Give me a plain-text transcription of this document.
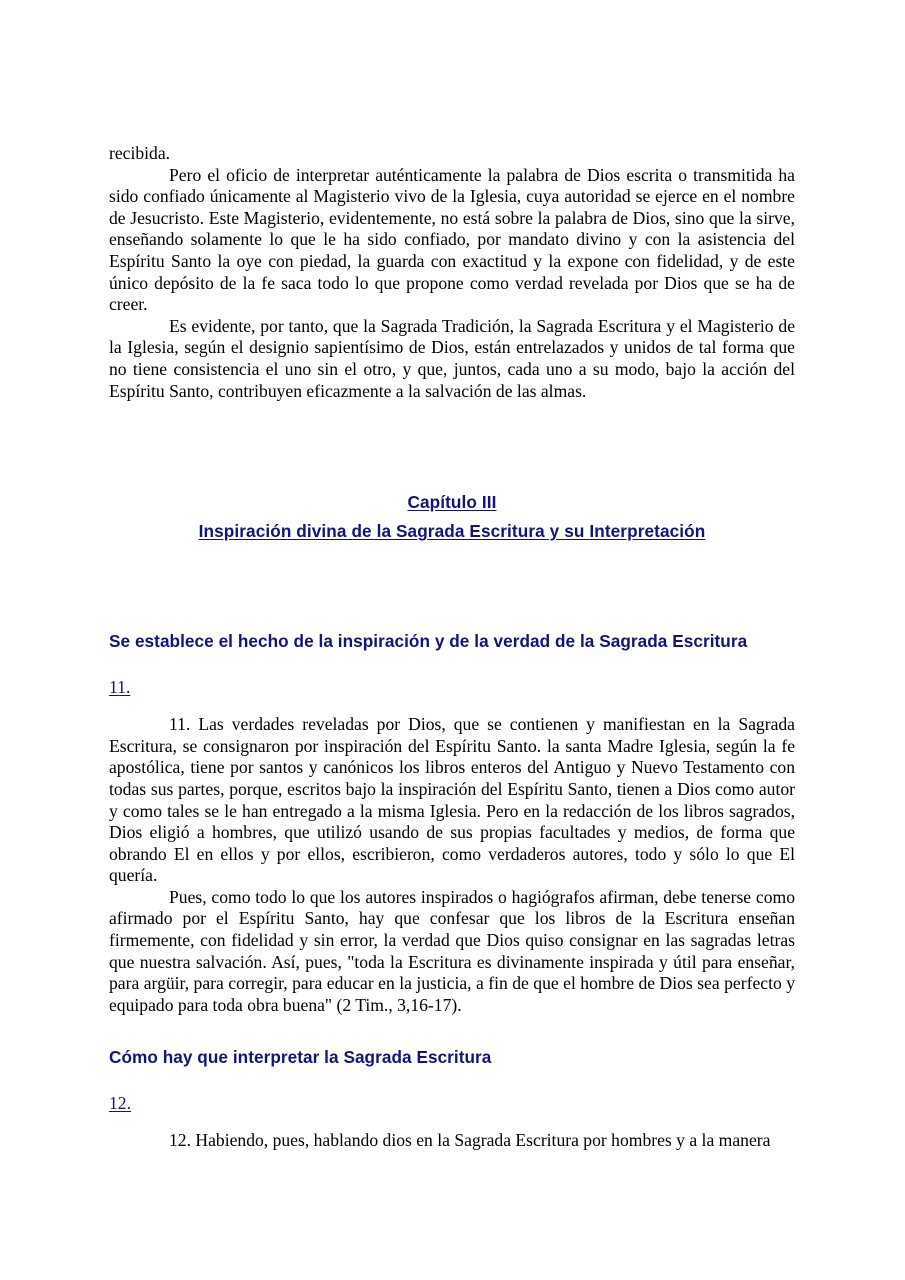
recibida.

Pero el oficio de interpretar auténticamente la palabra de Dios escrita o transmitida ha sido confiado únicamente al Magisterio vivo de la Iglesia, cuya autoridad se ejerce en el nombre de Jesucristo. Este Magisterio, evidentemente, no está sobre la palabra de Dios, sino que la sirve, enseñando solamente lo que le ha sido confiado, por mandato divino y con la asistencia del Espíritu Santo la oye con piedad, la guarda con exactitud y la expone con fidelidad, y de este único depósito de la fe saca todo lo que propone como verdad revelada por Dios que se ha de creer.

Es evidente, por tanto, que la Sagrada Tradición, la Sagrada Escritura y el Magisterio de la Iglesia, según el designio sapientísimo de Dios, están entrelazados y unidos de tal forma que no tiene consistencia el uno sin el otro, y que, juntos, cada uno a su modo, bajo la acción del Espíritu Santo, contribuyen eficazmente a la salvación de las almas.

Capítulo III
Inspiración divina de la Sagrada Escritura y su Interpretación
Se establece el hecho de la inspiración y de la verdad de la Sagrada Escritura
11.

11. Las verdades reveladas por Dios, que se contienen y manifiestan en la Sagrada Escritura, se consignaron por inspiración del Espíritu Santo. la santa Madre Iglesia, según la fe apostólica, tiene por santos y canónicos los libros enteros del Antiguo y Nuevo Testamento con todas sus partes, porque, escritos bajo la inspiración del Espíritu Santo, tienen a Dios como autor y como tales se le han entregado a la misma Iglesia. Pero en la redacción de los libros sagrados, Dios eligió a hombres, que utilizó usando de sus propias facultades y medios, de forma que obrando El en ellos y por ellos, escribieron, como verdaderos autores, todo y sólo lo que El quería.

Pues, como todo lo que los autores inspirados o hagiógrafos afirman, debe tenerse como afirmado por el Espíritu Santo, hay que confesar que los libros de la Escritura enseñan firmemente, con fidelidad y sin error, la verdad que Dios quiso consignar en las sagradas letras que nuestra salvación. Así, pues, "toda la Escritura es divinamente inspirada y útil para enseñar, para argüir, para corregir, para educar en la justicia, a fin de que el hombre de Dios sea perfecto y equipado para toda obra buena" (2 Tim., 3,16-17).

Cómo hay que interpretar la Sagrada Escritura
12.

12. Habiendo, pues, hablando dios en la Sagrada Escritura por hombres y a la manera
